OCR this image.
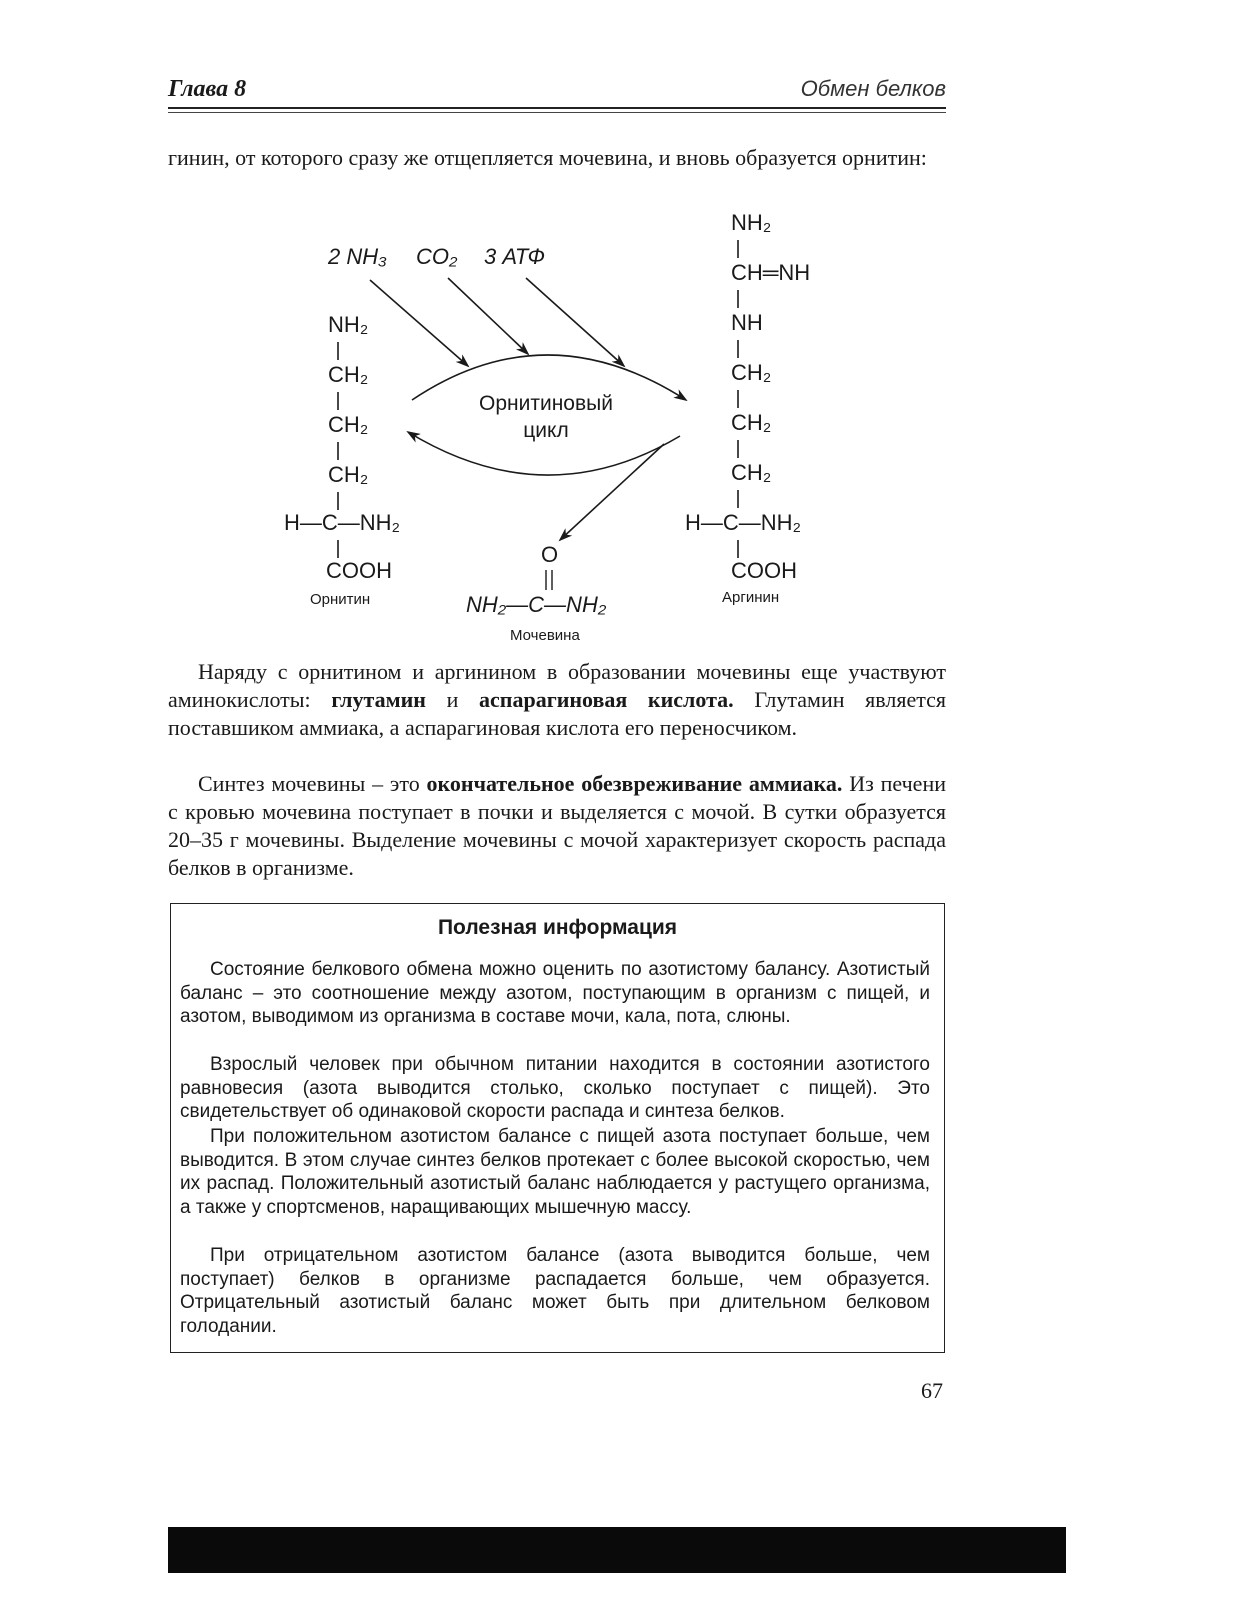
Глава 8	Обмен белков
гинин, от которого сразу же отщепляется мочевина, и вновь образуется орнитин:
2 NH₃ CO₂ 3 АТФ
Орнитиновый
цикл
NH₂
CH₂
CH₂
CH₂
H—C—NH₂
COOH
Орнитин
NH₂
CH═NH
NH
CH₂
CH₂
CH₂
H—C—NH₂
COOH
Аргинин
O
NH₂—C—NH₂
Мочевина
Наряду с орнитином и аргинином в образовании мочевины еще участвуют аминокислоты: глутамин и аспарагиновая кислота. Глутамин является поставшиком аммиака, а аспарагиновая кислота его переносчиком.
Синтез мочевины – это окончательное обезвреживание аммиака. Из печени с кровью мочевина поступает в почки и выделяется с мочой. В сутки образуется 20–35 г мочевины. Выделение мочевины с мочой характеризует скорость распада белков в организме.
Полезная информация
Состояние белкового обмена можно оценить по азотистому балансу. Азотистый баланс – это соотношение между азотом, поступающим в организм с пищей, и азотом, выводимом из организма в составе мочи, кала, пота, слюны.
Взрослый человек при обычном питании находится в состоянии азотистого равновесия (азота выводится столько, сколько поступает с пищей). Это свидетельствует об одинаковой скорости распада и синтеза белков.
При положительном азотистом балансе с пищей азота поступает больше, чем выводится. В этом случае синтез белков протекает с более высокой скоростью, чем их распад. Положительный азотистый баланс наблюдается у растущего организма, а также у спортсменов, наращивающих мышечную массу.
При отрицательном азотистом балансе (азота выводится больше, чем поступает) белков в организме распадается больше, чем образуется. Отрицательный азотистый баланс может быть при длительном белковом голодании.
67
